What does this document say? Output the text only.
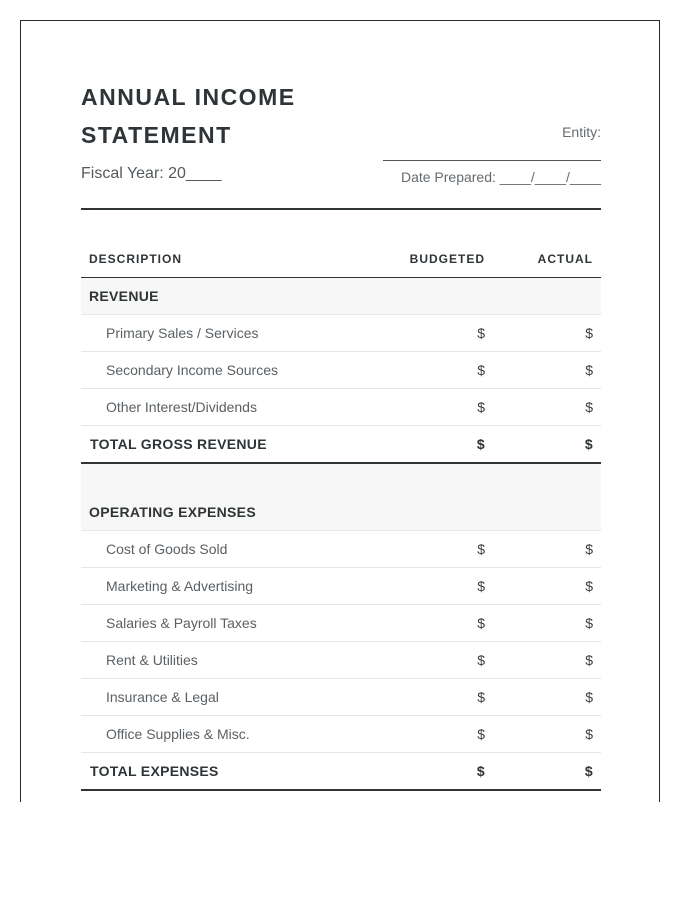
ANNUAL INCOME STATEMENT
Fiscal Year: 20____
Entity:
Date Prepared: ____/____/____
DESCRIPTION	BUDGETED	ACTUAL
REVENUE		
Primary Sales / Services	$	$
Secondary Income Sources	$	$
Other Interest/Dividends	$	$
TOTAL GROSS REVENUE	$	$
OPERATING EXPENSES		
Cost of Goods Sold	$	$
Marketing & Advertising	$	$
Salaries & Payroll Taxes	$	$
Rent & Utilities	$	$
Insurance & Legal	$	$
Office Supplies & Misc.	$	$
TOTAL EXPENSES	$	$
